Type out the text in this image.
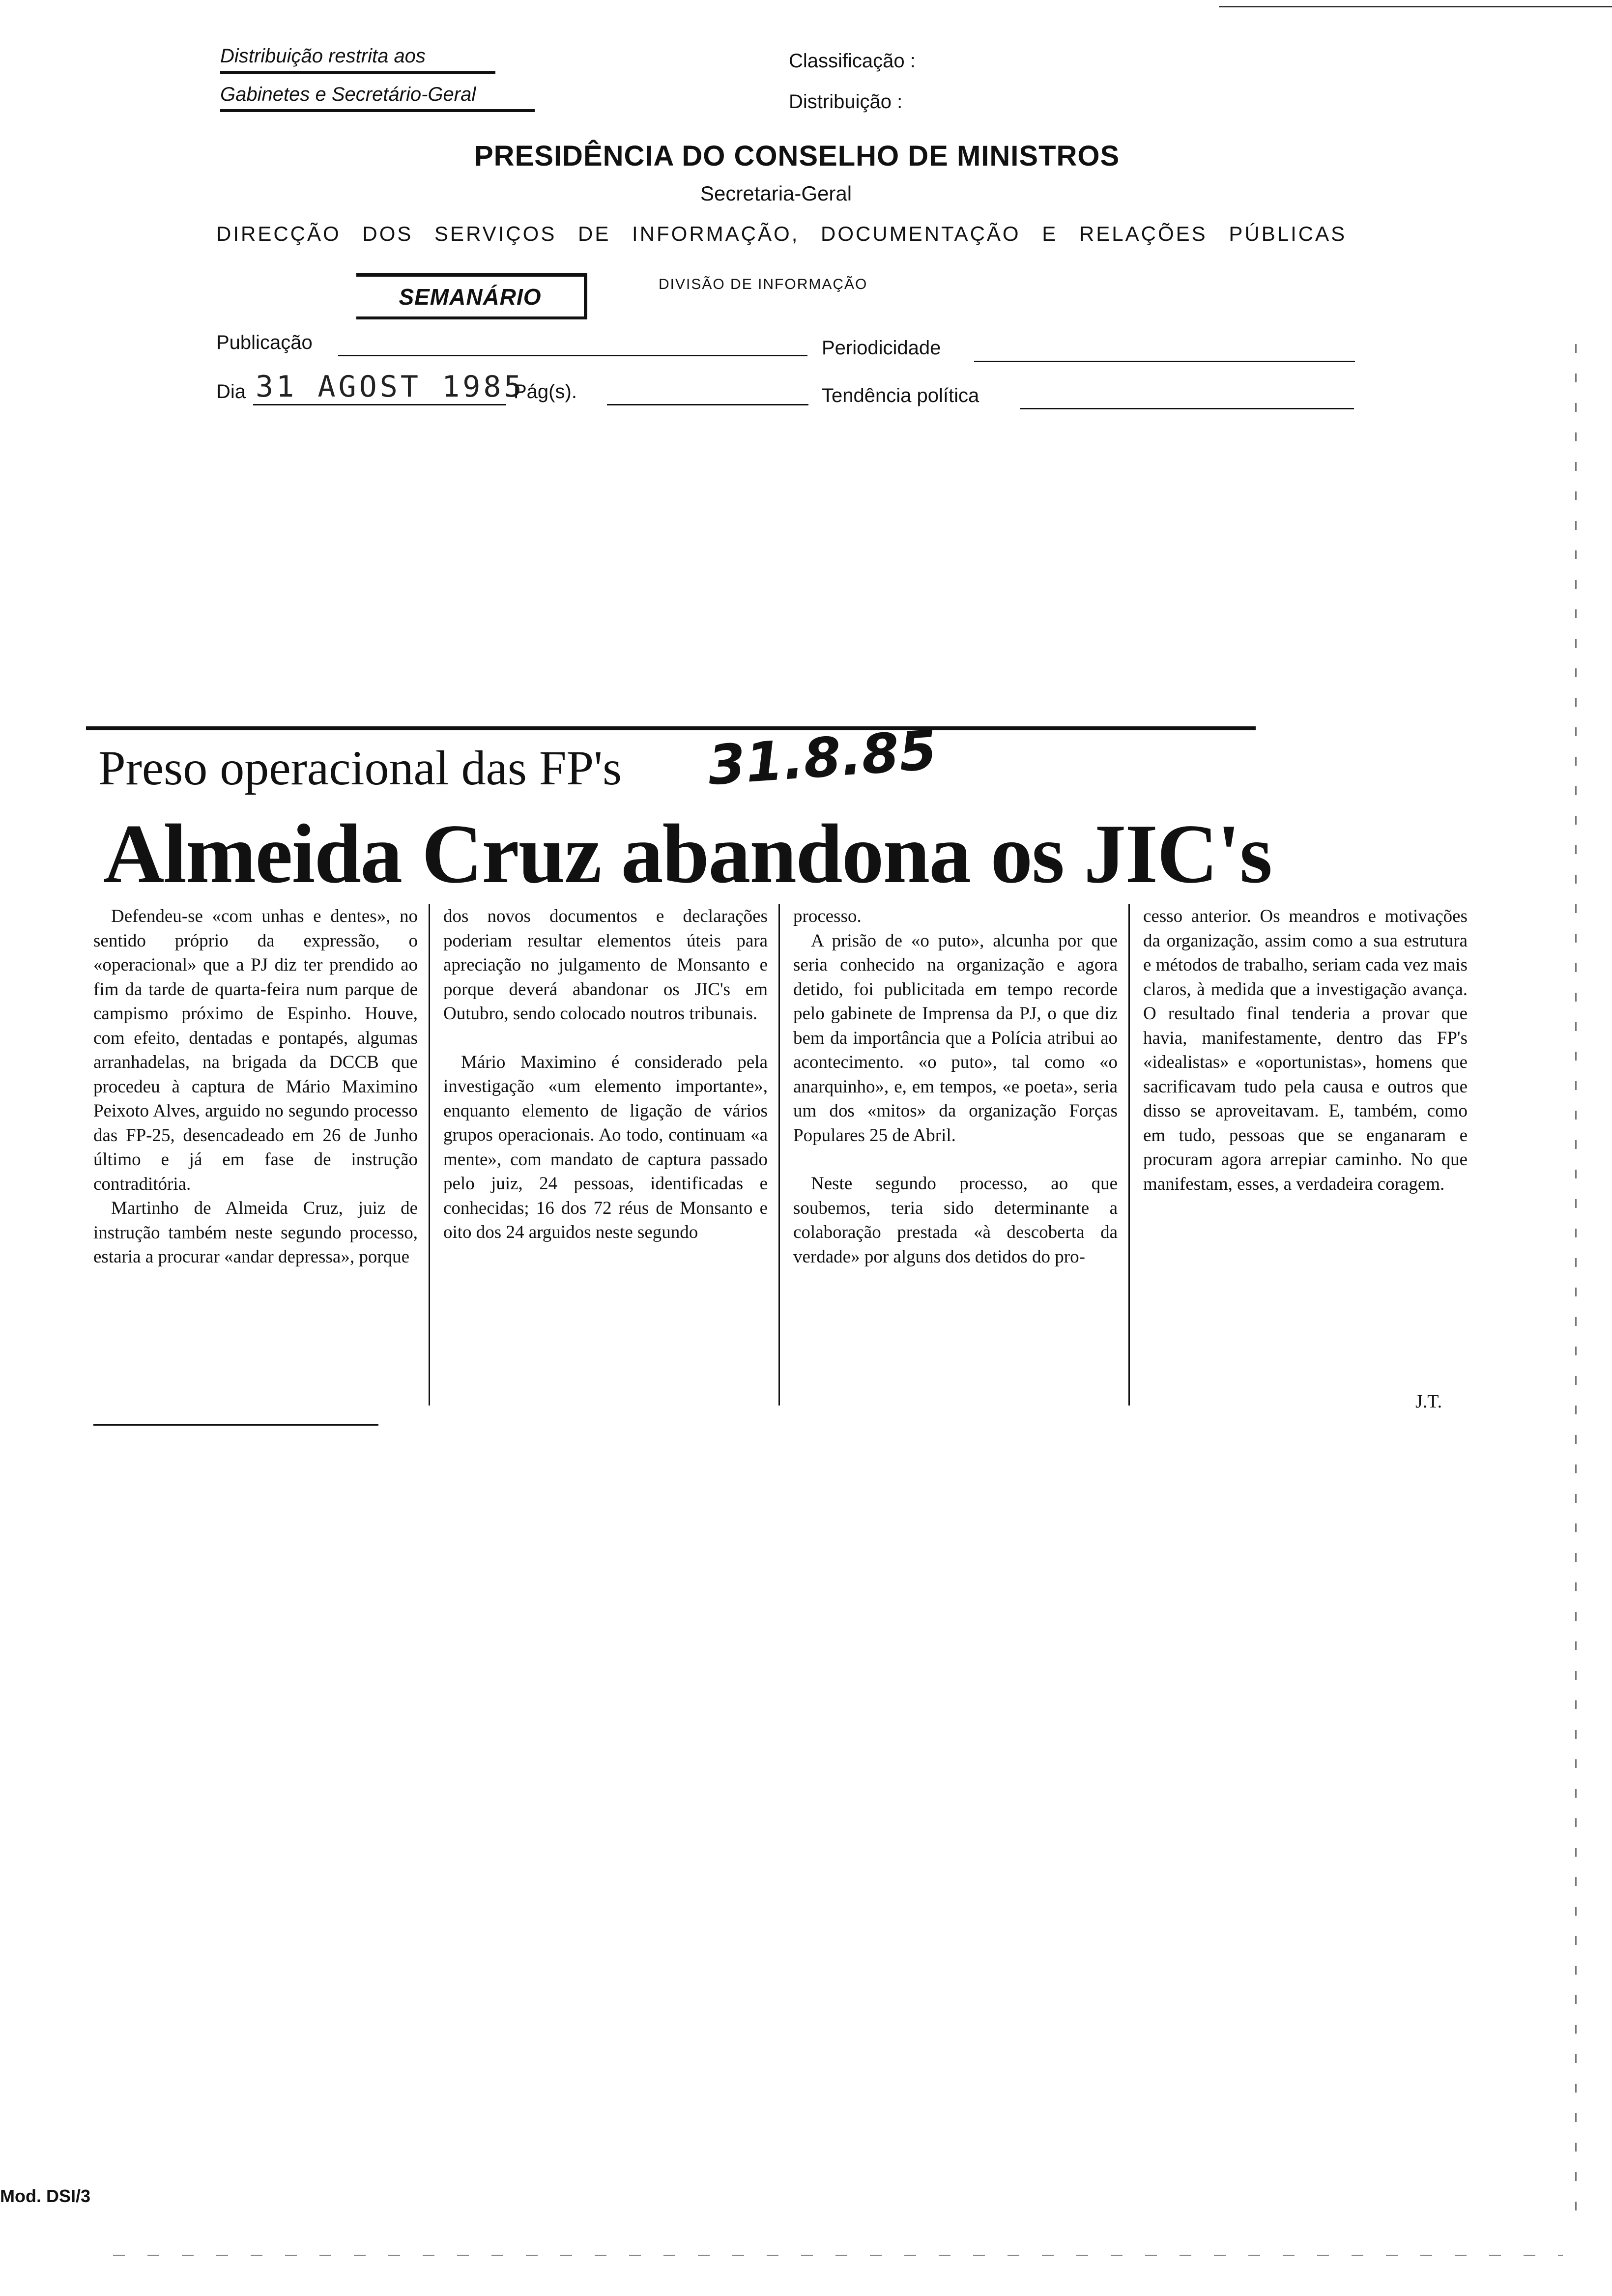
Distribuição restrita aos
Gabinetes e Secretário-Geral
Classificação :
Distribuição :
PRESIDÊNCIA DO CONSELHO DE MINISTROS
Secretaria-Geral
DIRECÇÃO DOS SERVIÇOS DE INFORMAÇÃO, DOCUMENTAÇÃO E RELAÇÕES PÚBLICAS
SEMANÁRIO	DIVISÃO DE INFORMAÇÃO
Publicação	Periodicidade
Dia 31 AGOST 1985
Pág(s).	Tendência política
Preso operacional das FP's 31.8.85
Almeida Cruz abandona os JIC's

Defendeu-se «com unhas e dentes», no sentido próprio da expressão, o «operacional» que a PJ diz ter prendido ao fim da tarde de quarta-feira num parque de campismo próximo de Espinho. Houve, com efeito, dentadas e pontapés, algumas arranhadelas, na brigada da DCCB que procedeu à captura de Mário Maximino Peixoto Alves, arguido no segundo processo das FP-25, desencadeado em 26 de Junho último e já em fase de instrução contraditória.

Martinho de Almeida Cruz, juiz de instrução também neste segundo processo, estaria a procurar «andar depressa», porque

dos novos documentos e declarações poderiam resultar elementos úteis para apreciação no julgamento de Monsanto e porque deverá abandonar os JIC's em Outubro, sendo colocado noutros tribunais.

Mário Maximino é considerado pela investigação «um elemento importante», enquanto elemento de ligação de vários grupos operacionais. Ao todo, continuam «a mente», com mandato de captura passado pelo juiz, 24 pessoas, identificadas e conhecidas; 16 dos 72 réus de Monsanto e oito dos 24 arguidos neste segundo

processo.

A prisão de «o puto», alcunha por que seria conhecido na organização e agora detido, foi publicitada em tempo recorde pelo gabinete de Imprensa da PJ, o que diz bem da importância que a Polícia atribui ao acontecimento. «o puto», tal como «o anarquinho», e, em tempos, «e poeta», seria um dos «mitos» da organização Forças Populares 25 de Abril.

Neste segundo processo, ao que soubemos, teria sido determinante a colaboração prestada «à descoberta da verdade» por alguns dos detidos do pro-

cesso anterior. Os meandros e motivações da organização, assim como a sua estrutura e métodos de trabalho, seriam cada vez mais claros, à medida que a investigação avança. O resultado final tenderia a provar que havia, manifestamente, dentro das FP's «idealistas» e «oportunistas», homens que sacrificavam tudo pela causa e outros que disso se aproveitavam. E, também, como em tudo, pessoas que se enganaram e procuram agora arrepiar caminho. No que manifestam, esses, a verdadeira coragem.

J.T.
Mod. DSI/3
